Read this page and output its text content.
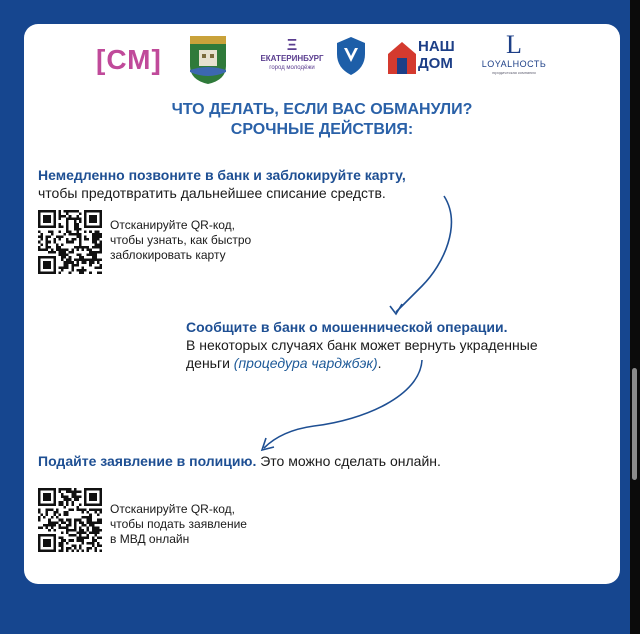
[СМ]	Ξ
ЕКАТЕРИНБУРГ
город молодёжи
НАШ
ДОМ
L
LOYALНОСТЬ
юридическая компания
ЧТО ДЕЛАТЬ, ЕСЛИ ВАС ОБМАНУЛИ?
СРОЧНЫЕ ДЕЙСТВИЯ:
Немедленно позвоните в банк и заблокируйте карту,
чтобы предотвратить дальнейшее списание средств.
Отсканируйте QR-код,
чтобы узнать, как быстро
заблокировать карту
Сообщите в банк о мошеннической операции.
В некоторых случаях банк может вернуть украденные
деньги (процедура чарджбэк).
Подайте заявление в полицию. Это можно сделать онлайн.
Отсканируйте QR-код,
чтобы подать заявление
в МВД онлайн
